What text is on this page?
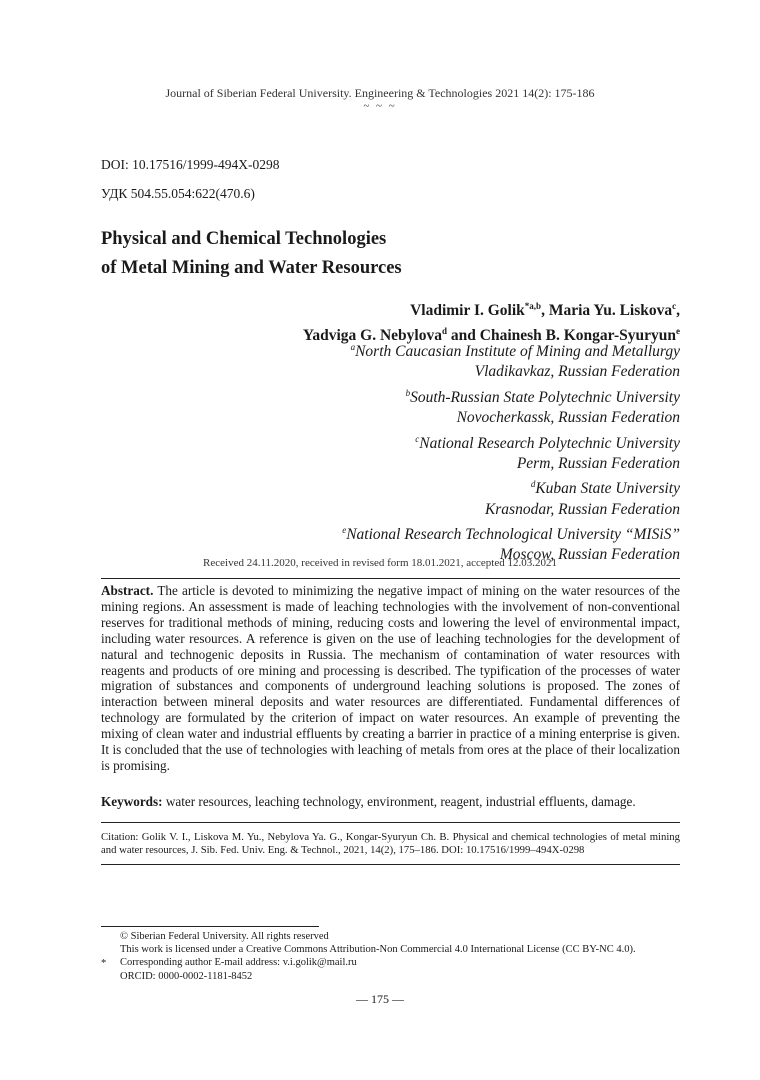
Journal of Siberian Federal University. Engineering & Technologies 2021 14(2): 175-186
~ ~ ~
DOI: 10.17516/1999-494X-0298
УДК 504.55.054:622(470.6)
Physical and Chemical Technologies
of Metal Mining and Water Resources
Vladimir I. Golik$^{*a,b}$, Maria Yu. Liskova$^c$,
Yadviga G. Nebylova$^d$ and Chainesh B. Kongar-Syuryun$^e$
$^a$North Caucasian Institute of Mining and Metallurgy
Vladikavkaz, Russian Federation
$^b$South-Russian State Polytechnic University
Novocherkassk, Russian Federation
$^c$National Research Polytechnic University
Perm, Russian Federation
$^d$Kuban State University
Krasnodar, Russian Federation
$^e$National Research Technological University “MISiS”
Moscow, Russian Federation
Received 24.11.2020, received in revised form 18.01.2021, accepted 12.03.2021
Abstract. The article is devoted to minimizing the negative impact of mining on the water resources of the mining regions. An assessment is made of leaching technologies with the involvement of non-conventional reserves for traditional methods of mining, reducing costs and lowering the level of environmental impact, including water resources. A reference is given on the use of leaching technologies for the development of natural and technogenic deposits in Russia. The mechanism of contamination of water resources with reagents and products of ore mining and processing is described. The typification of the processes of water migration of substances and components of underground leaching solutions is proposed. The zones of interaction between mineral deposits and water resources are differentiated. Fundamental differences of technology are formulated by the criterion of impact on water resources. An example of preventing the mixing of clean water and industrial effluents by creating a barrier in practice of a mining enterprise is given. It is concluded that the use of technologies with leaching of metals from ores at the place of their localization is promising.
Keywords: water resources, leaching technology, environment, reagent, industrial effluents, damage.
Citation: Golik V. I., Liskova M. Yu., Nebylova Ya. G., Kongar-Syuryun Ch. B. Physical and chemical technologies of metal mining and water resources, J. Sib. Fed. Univ. Eng. & Technol., 2021, 14(2), 175–186. DOI: 10.17516/1999–494X-0298
© Siberian Federal University. All rights reserved
This work is licensed under a Creative Commons Attribution-Non Commercial 4.0 International License (CC BY-NC 4.0).
Corresponding author E-mail address: v.i.golik@mail.ru
ORCID: 0000-0002-1181-8452
*
— 175 —
